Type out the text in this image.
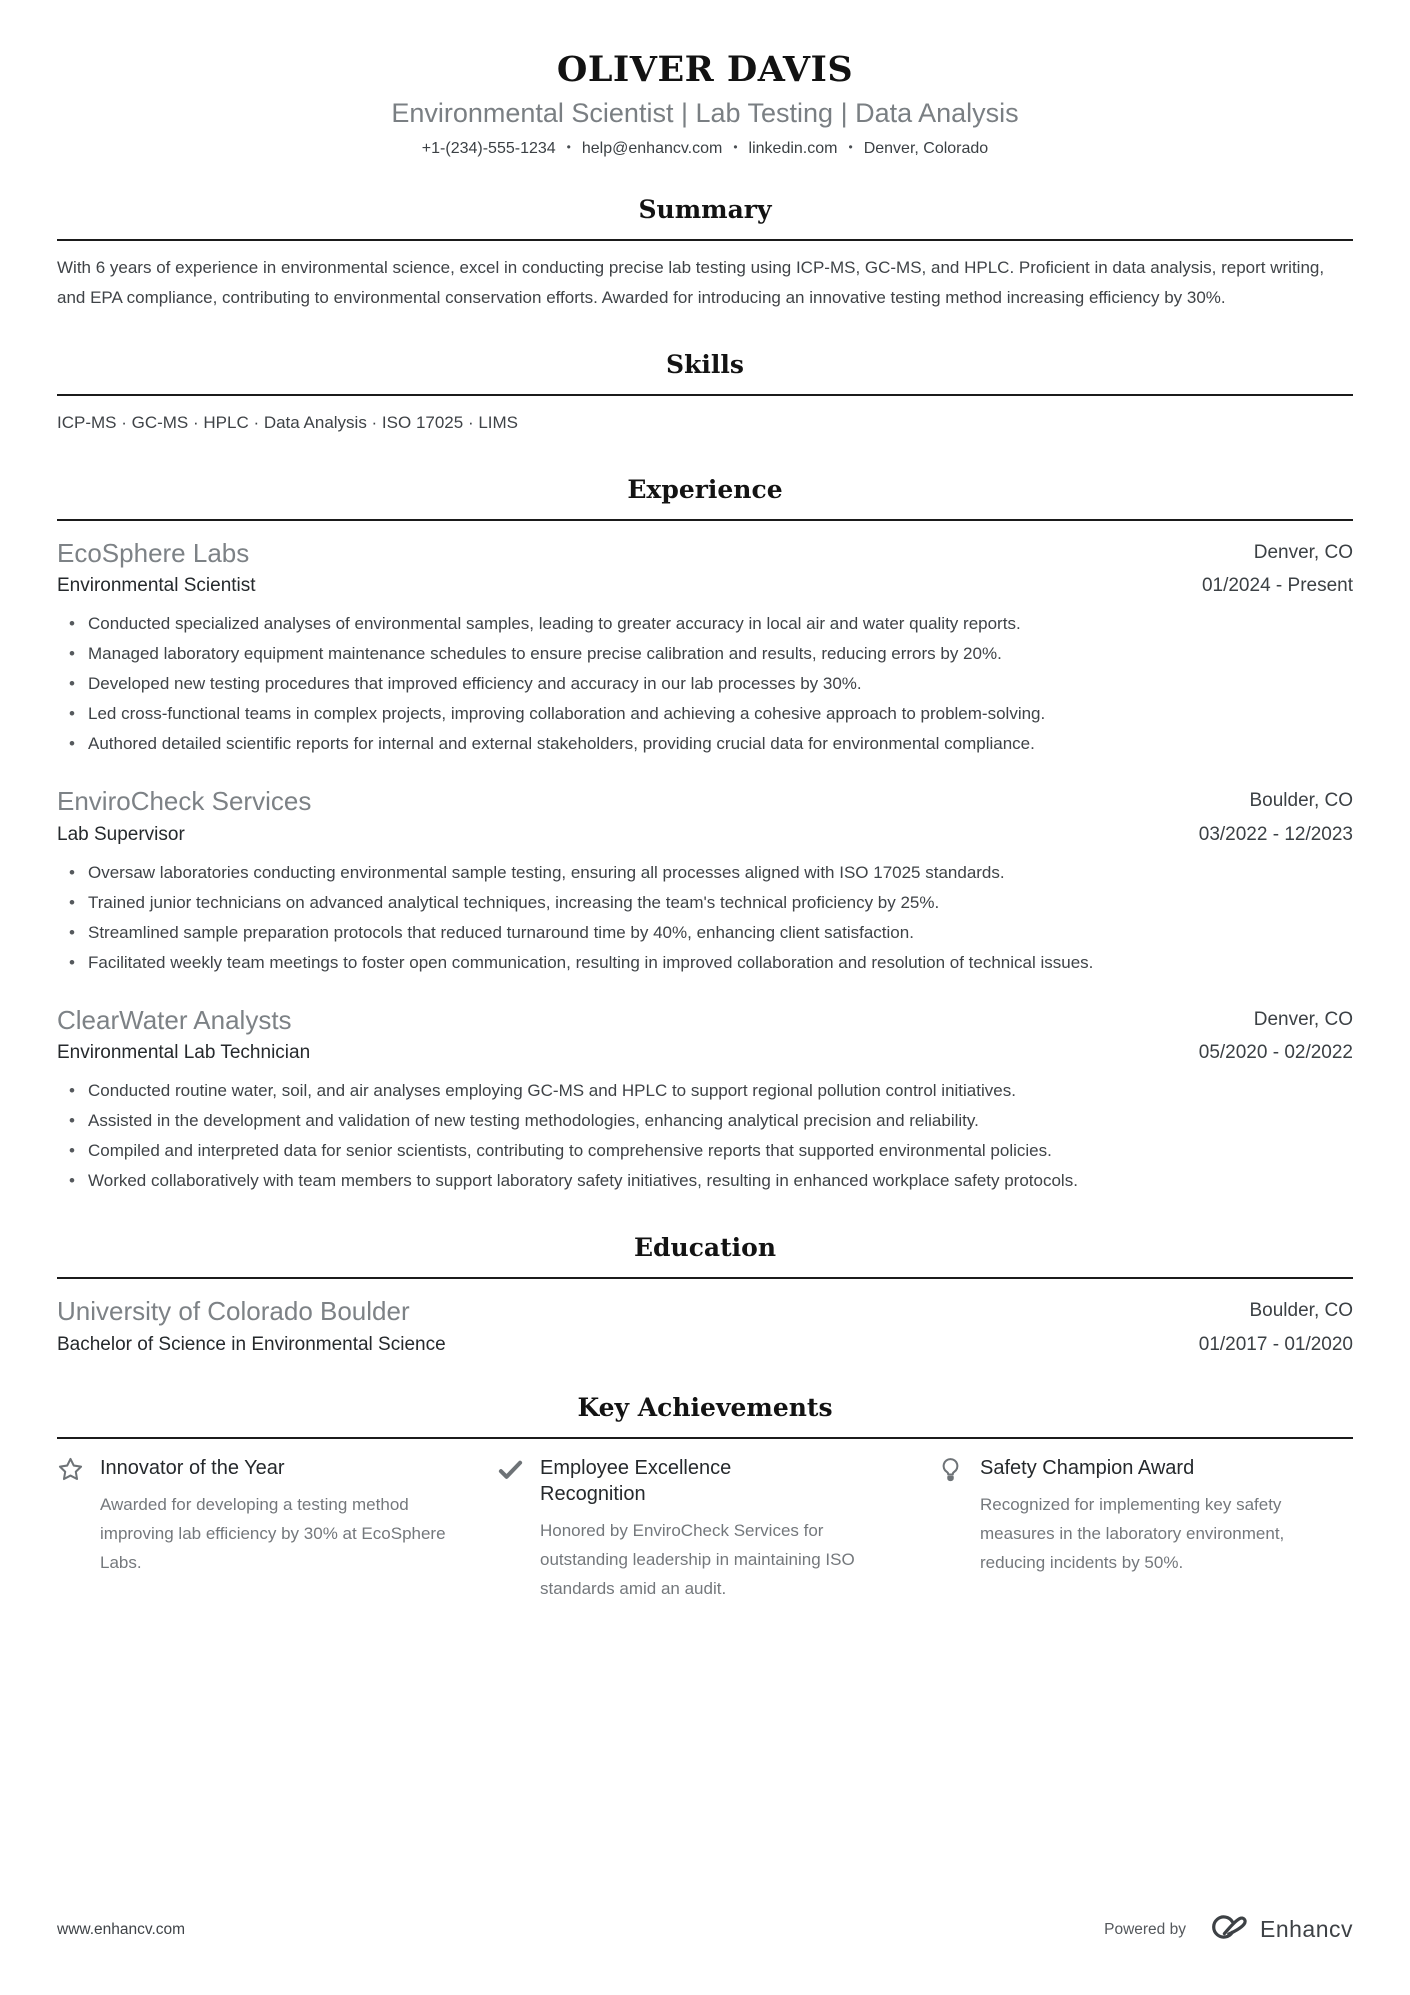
OLIVER DAVIS
Environmental Scientist | Lab Testing | Data Analysis
+1-(234)-555-1234 • help@enhancv.com • linkedin.com • Denver, Colorado
Summary

With 6 years of experience in environmental science, excel in conducting precise lab testing using ICP-MS, GC-MS, and HPLC. Proficient in data analysis, report writing, and EPA compliance, contributing to environmental conservation efforts. Awarded for introducing an innovative testing method increasing efficiency by 30%.

Skills

ICP-MS · GC-MS · HPLC · Data Analysis · ISO 17025 · LIMS

Experience
EcoSphere Labs	Denver, CO
Environmental Scientist	01/2024 - Present
• Conducted specialized analyses of environmental samples, leading to greater accuracy in local air and water quality reports.
• Managed laboratory equipment maintenance schedules to ensure precise calibration and results, reducing errors by 20%.
• Developed new testing procedures that improved efficiency and accuracy in our lab processes by 30%.
• Led cross-functional teams in complex projects, improving collaboration and achieving a cohesive approach to problem-solving.
• Authored detailed scientific reports for internal and external stakeholders, providing crucial data for environmental compliance.
EnviroCheck Services	Boulder, CO
Lab Supervisor	03/2022 - 12/2023
• Oversaw laboratories conducting environmental sample testing, ensuring all processes aligned with ISO 17025 standards.
• Trained junior technicians on advanced analytical techniques, increasing the team's technical proficiency by 25%.
• Streamlined sample preparation protocols that reduced turnaround time by 40%, enhancing client satisfaction.
• Facilitated weekly team meetings to foster open communication, resulting in improved collaboration and resolution of technical issues.
ClearWater Analysts	Denver, CO
Environmental Lab Technician	05/2020 - 02/2022
• Conducted routine water, soil, and air analyses employing GC-MS and HPLC to support regional pollution control initiatives.
• Assisted in the development and validation of new testing methodologies, enhancing analytical precision and reliability.
• Compiled and interpreted data for senior scientists, contributing to comprehensive reports that supported environmental policies.
• Worked collaboratively with team members to support laboratory safety initiatives, resulting in enhanced workplace safety protocols.
Education
University of Colorado Boulder	Boulder, CO
Bachelor of Science in Environmental Science	01/2017 - 01/2020
Key Achievements
Innovator of the Year
Awarded for developing a testing method improving lab efficiency by 30% at EcoSphere Labs.
Employee Excellence Recognition
Honored by EnviroCheck Services for outstanding leadership in maintaining ISO standards amid an audit.
Safety Champion Award
Recognized for implementing key safety measures in the laboratory environment, reducing incidents by 50%.
www.enhancv.com	Powered by	Enhancv
